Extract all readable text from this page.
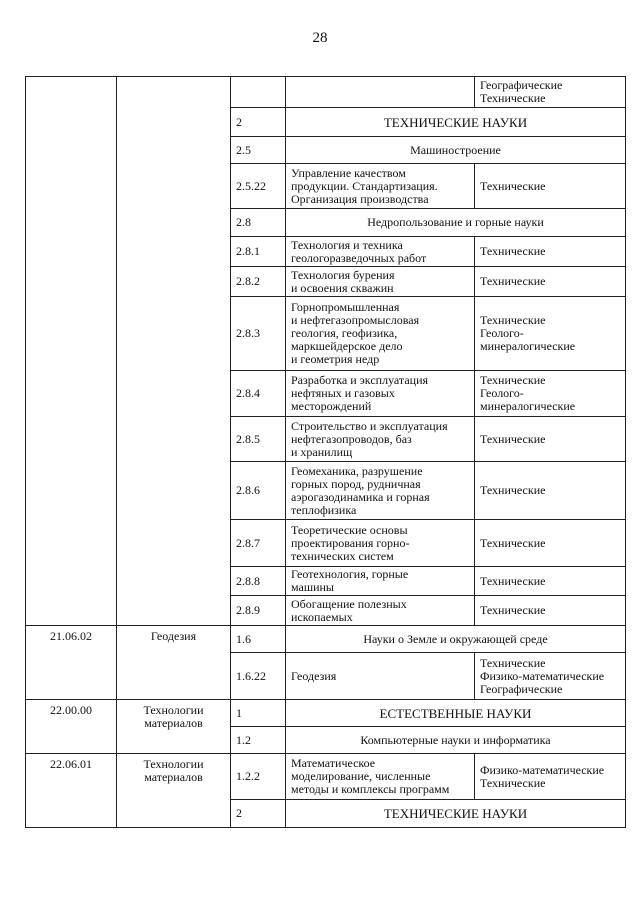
28
				Географические
Технические
		2	ТЕХНИЧЕСКИЕ НАУКИ	
		2.5	Машиностроение	
		2.5.22	Управление качеством
продукции. Стандартизация.
Организация производства	Технические
		2.8	Недропользование и горные науки	
		2.8.1	Технология и техника
геологоразведочных работ	Технические
		2.8.2	Технология бурения
и освоения скважин	Технические
		2.8.3	Горнопромышленная
и нефтегазопромысловая
геология, геофизика,
маркшейдерское дело
и геометрия недр	Технические
Геолого-
минералогические
		2.8.4	Разработка и эксплуатация
нефтяных и газовых
месторождений	Технические
Геолого-
минералогические
		2.8.5	Строительство и эксплуатация
нефтегазопроводов, баз
и хранилищ	Технические
		2.8.6	Геомеханика, разрушение
горных пород, рудничная
аэрогазодинамика и горная
теплофизика	Технические
		2.8.7	Теоретические основы
проектирования горно-
технических систем	Технические
		2.8.8	Геотехнология, горные
машины	Технические
		2.8.9	Обогащение полезных
ископаемых	Технические
21.06.02	Геодезия	1.6	Науки о Земле и окружающей среде	
		1.6.22	Геодезия	Технические
Физико-математические
Географические
22.00.00	Технологии
материалов	1	ЕСТЕСТВЕННЫЕ НАУКИ	
		1.2	Компьютерные науки и информатика	
22.06.01	Технологии
материалов	1.2.2	Математическое
моделирование, численные
методы и комплексы программ	Физико-математические
Технические
		2	ТЕХНИЧЕСКИЕ НАУКИ	
